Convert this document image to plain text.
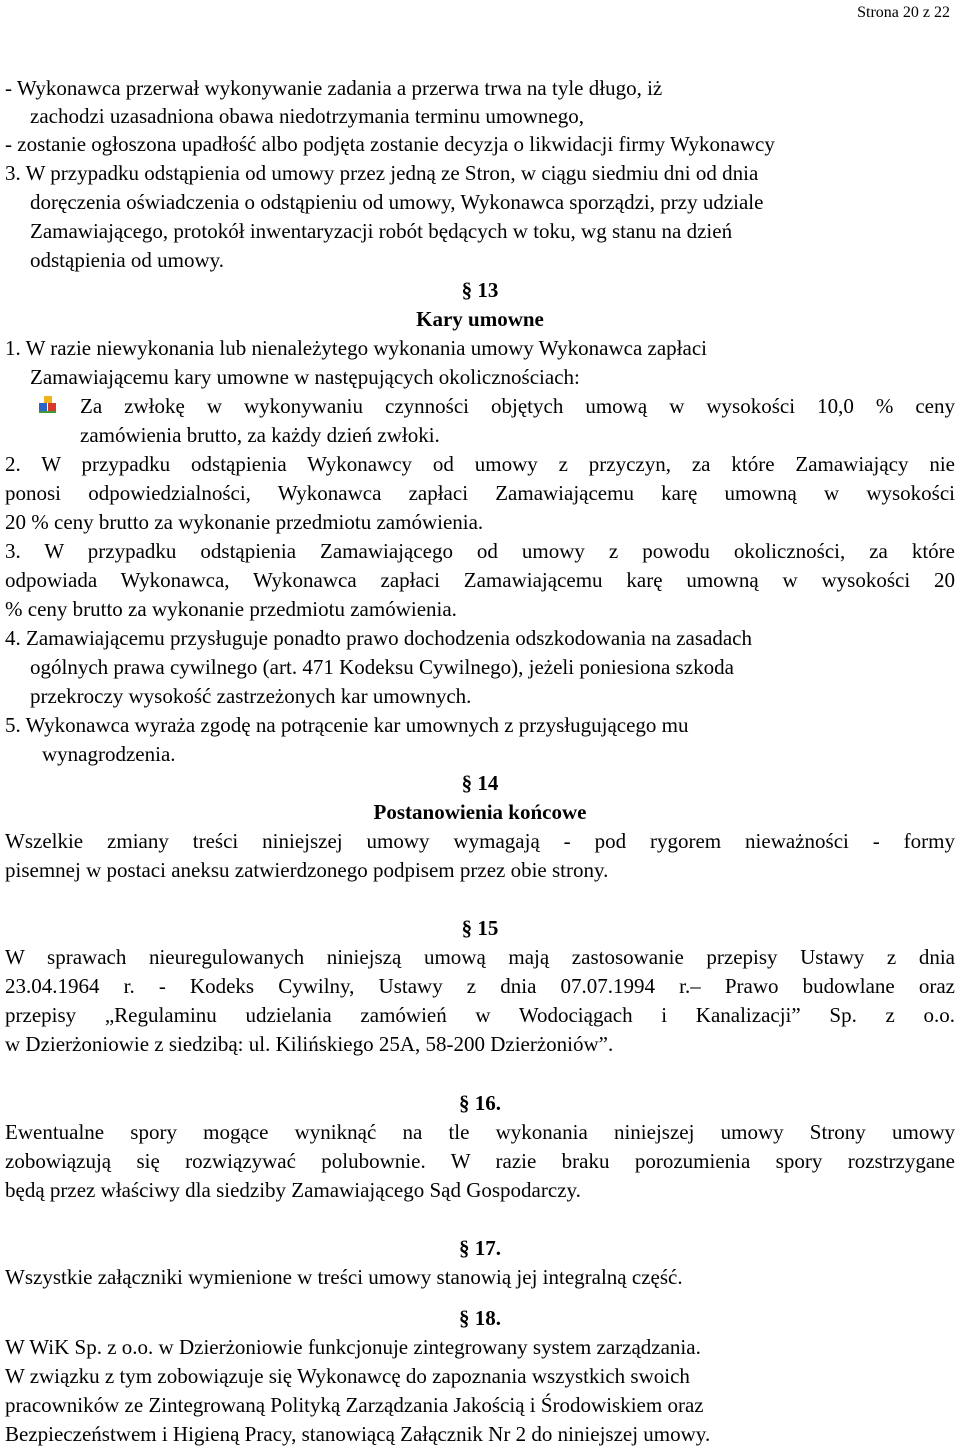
Strona 20 z 22
- Wykonawca przerwał wykonywanie zadania a przerwa trwa na tyle długo, iż
zachodzi uzasadniona obawa niedotrzymania terminu umownego,
- zostanie ogłoszona upadłość albo podjęta zostanie decyzja o likwidacji firmy Wykonawcy
3. W przypadku odstąpienia od umowy przez jedną ze Stron, w ciągu siedmiu dni od dnia
doręczenia oświadczenia o odstąpieniu od umowy, Wykonawca sporządzi, przy udziale
Zamawiającego, protokół inwentaryzacji robót będących w toku, wg stanu na dzień
odstąpienia od umowy.
§ 13
Kary umowne
1. W razie niewykonania lub nienależytego wykonania umowy Wykonawca zapłaci
Zamawiającemu kary umowne w następujących okolicznościach:
Za zwłokę w wykonywaniu czynności objętych umową w wysokości 10,0 % ceny
zamówienia brutto, za każdy dzień zwłoki.
2. W przypadku odstąpienia Wykonawcy od umowy z przyczyn, za które Zamawiający nie
ponosi odpowiedzialności, Wykonawca zapłaci Zamawiającemu karę umowną w wysokości
20 % ceny brutto za wykonanie przedmiotu zamówienia.
3. W przypadku odstąpienia Zamawiającego od umowy z powodu okoliczności, za które
odpowiada Wykonawca, Wykonawca zapłaci Zamawiającemu karę umowną w wysokości 20
% ceny brutto za wykonanie przedmiotu zamówienia.
4. Zamawiającemu przysługuje ponadto prawo dochodzenia odszkodowania na zasadach
ogólnych prawa cywilnego (art. 471 Kodeksu Cywilnego), jeżeli poniesiona szkoda
przekroczy wysokość zastrzeżonych kar umownych.
5. Wykonawca wyraża zgodę na potrącenie kar umownych z przysługującego mu
wynagrodzenia.
§ 14
Postanowienia końcowe
Wszelkie zmiany treści niniejszej umowy wymagają - pod rygorem nieważności - formy
pisemnej w postaci aneksu zatwierdzonego podpisem przez obie strony.
§ 15
W sprawach nieuregulowanych niniejszą umową mają zastosowanie przepisy Ustawy z dnia
23.04.1964 r. - Kodeks Cywilny, Ustawy z dnia 07.07.1994 r.– Prawo budowlane oraz
przepisy „Regulaminu udzielania zamówień w Wodociągach i Kanalizacji” Sp. z o.o.
w Dzierżoniowie z siedzibą: ul. Kilińskiego 25A, 58-200 Dzierżoniów”.
§ 16.
Ewentualne spory mogące wyniknąć na tle wykonania niniejszej umowy Strony umowy
zobowiązują się rozwiązywać polubownie. W razie braku porozumienia spory rozstrzygane
będą przez właściwy dla siedziby Zamawiającego Sąd Gospodarczy.
§ 17.
Wszystkie załączniki wymienione w treści umowy stanowią jej integralną część.
§ 18.
W WiK Sp. z o.o. w Dzierżoniowie funkcjonuje zintegrowany system zarządzania.
W związku z tym zobowiązuje się Wykonawcę do zapoznania wszystkich swoich
pracowników ze Zintegrowaną Polityką Zarządzania Jakością i Środowiskiem oraz
Bezpieczeństwem i Higieną Pracy, stanowiącą Załącznik Nr 2 do niniejszej umowy.
